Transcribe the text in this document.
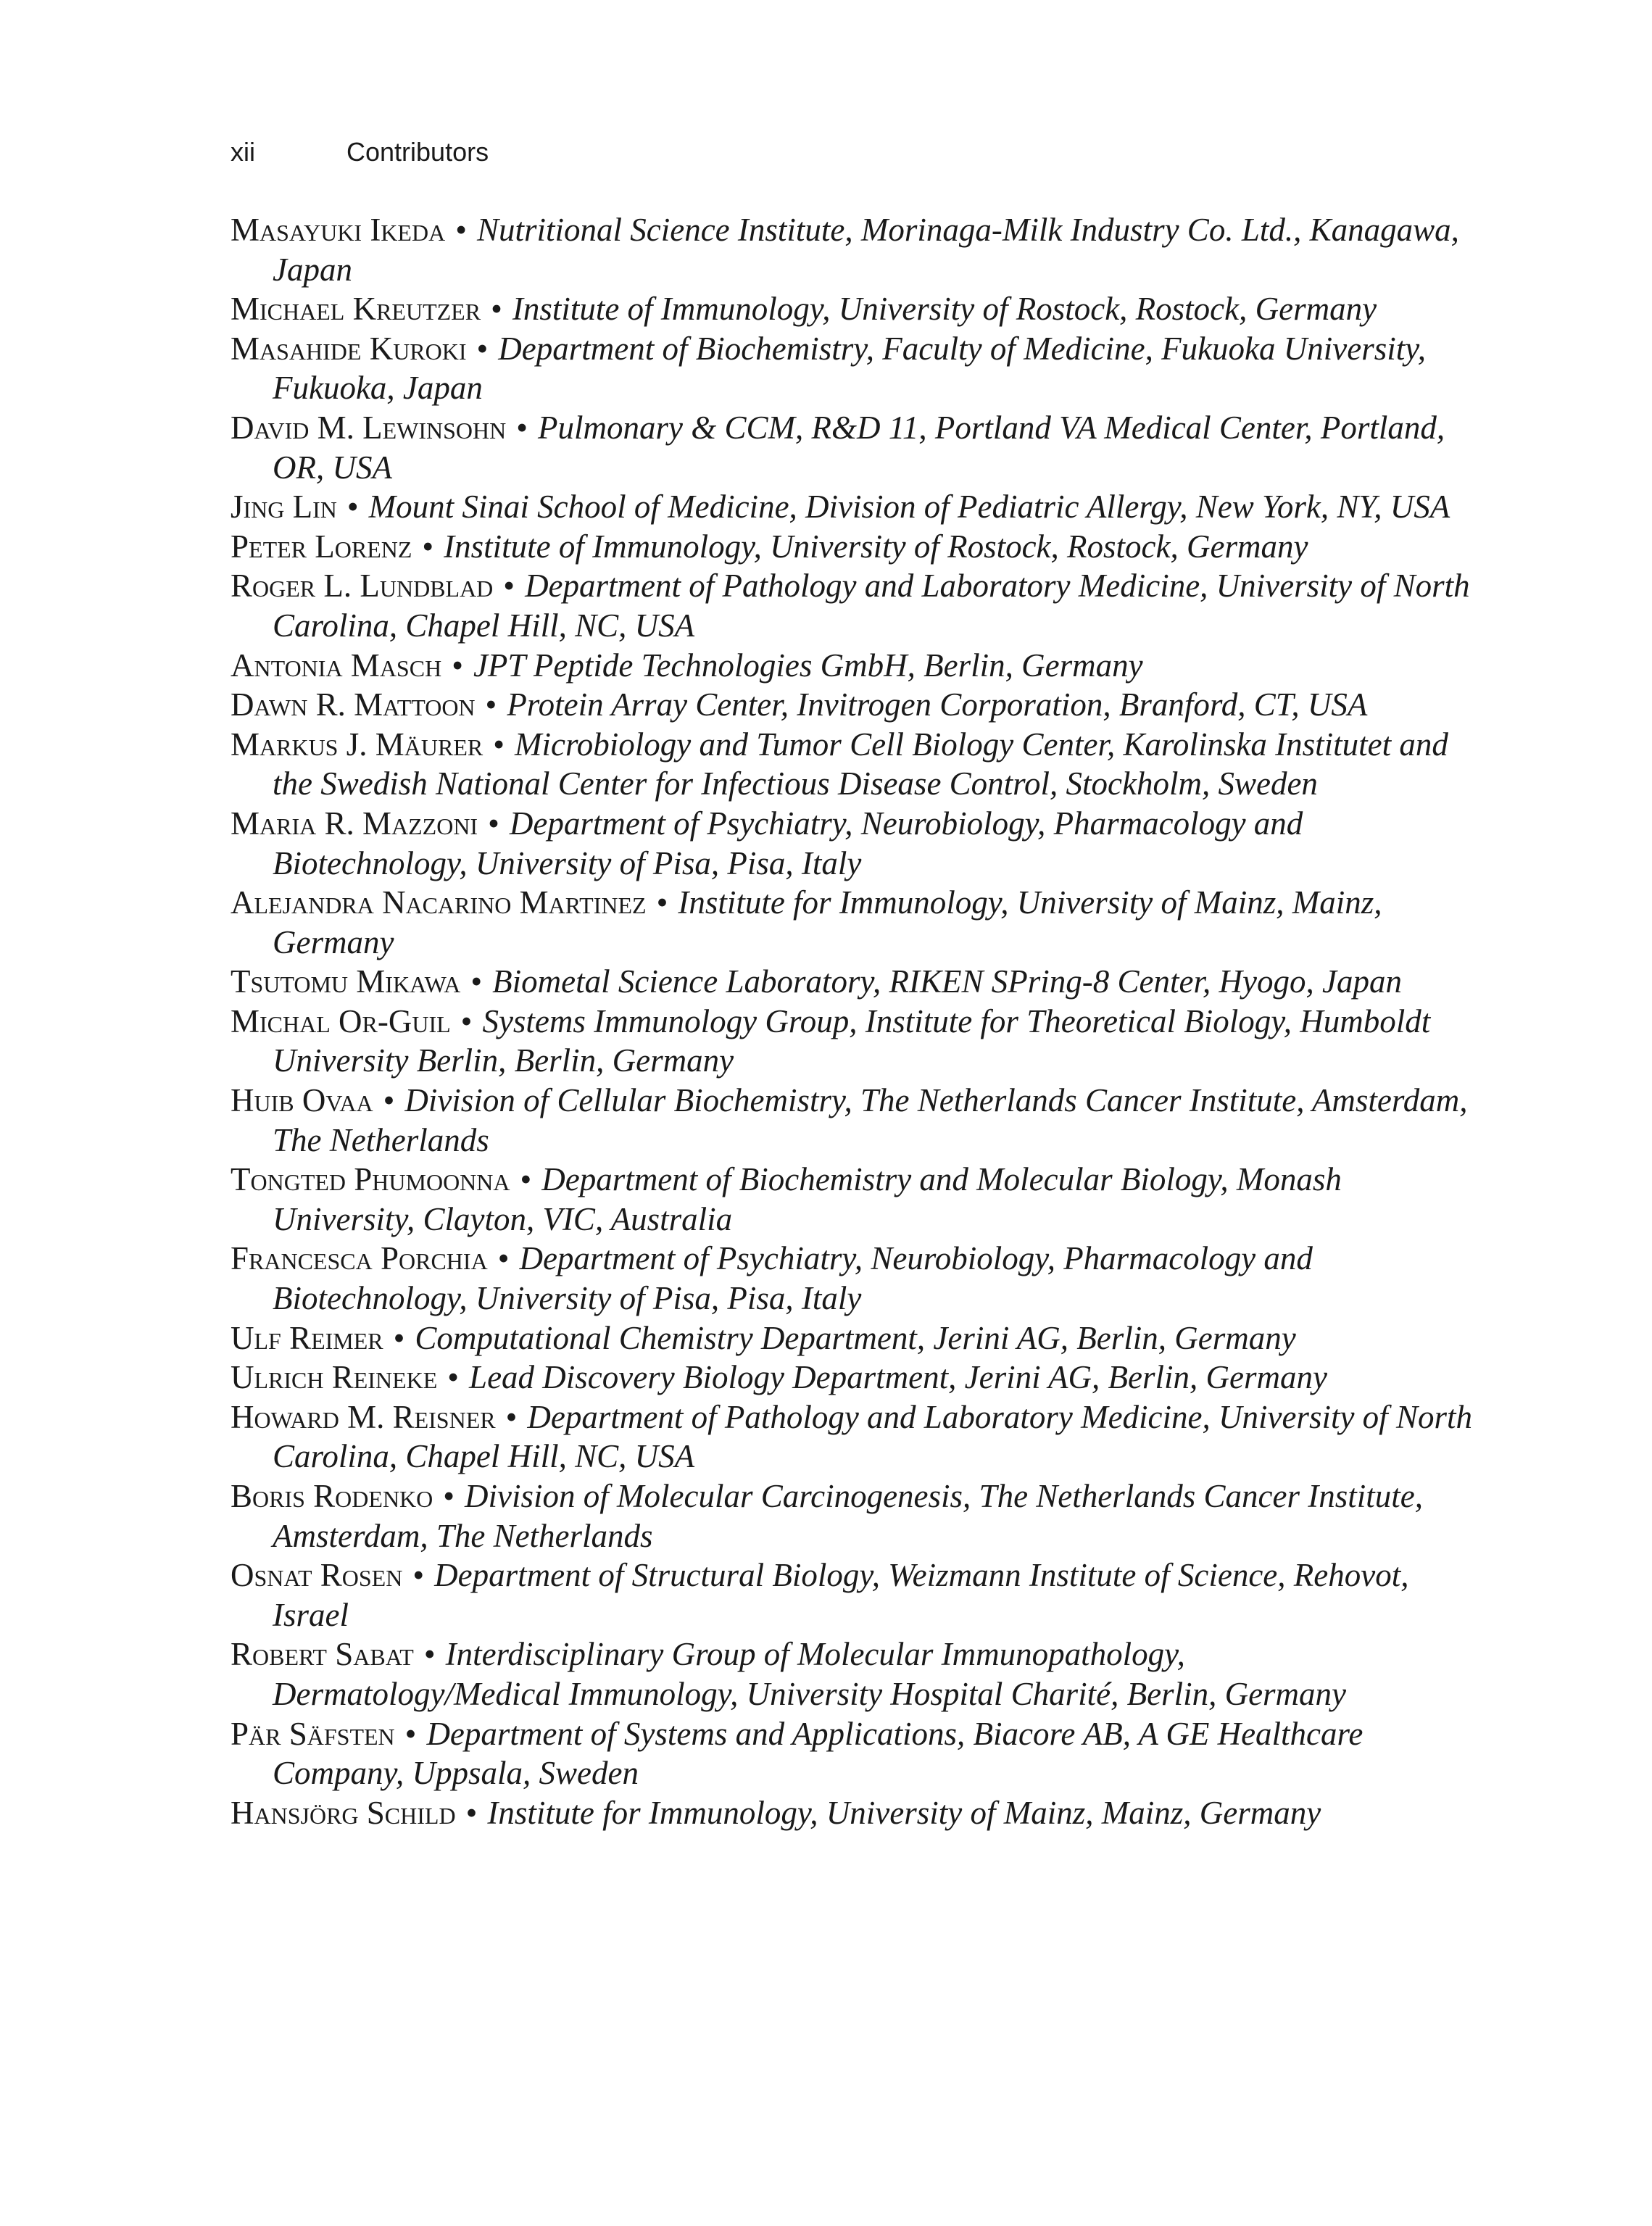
xii	Contributors
Masayuki Ikeda • Nutritional Science Institute, Morinaga-Milk Industry Co. Ltd., Kanagawa, Japan
Michael Kreutzer • Institute of Immunology, University of Rostock, Rostock, Germany
Masahide Kuroki • Department of Biochemistry, Faculty of Medicine, Fukuoka University, Fukuoka, Japan
David M. Lewinsohn • Pulmonary & CCM, R&D 11, Portland VA Medical Center, Portland, OR, USA
Jing Lin • Mount Sinai School of Medicine, Division of Pediatric Allergy, New York, NY, USA
Peter Lorenz • Institute of Immunology, University of Rostock, Rostock, Germany
Roger L. Lundblad • Department of Pathology and Laboratory Medicine, University of North Carolina, Chapel Hill, NC, USA
Antonia Masch • JPT Peptide Technologies GmbH, Berlin, Germany
Dawn R. Mattoon • Protein Array Center, Invitrogen Corporation, Branford, CT, USA
Markus J. Mäurer • Microbiology and Tumor Cell Biology Center, Karolinska Institutet and the Swedish National Center for Infectious Disease Control, Stockholm, Sweden
Maria R. Mazzoni • Department of Psychiatry, Neurobiology, Pharmacology and Biotechnology, University of Pisa, Pisa, Italy
Alejandra Nacarino Martinez • Institute for Immunology, University of Mainz, Mainz, Germany
Tsutomu Mikawa • Biometal Science Laboratory, RIKEN SPring-8 Center, Hyogo, Japan
Michal Or-Guil • Systems Immunology Group, Institute for Theoretical Biology, Humboldt University Berlin, Berlin, Germany
Huib Ovaa • Division of Cellular Biochemistry, The Netherlands Cancer Institute, Amsterdam, The Netherlands
Tongted Phumoonna • Department of Biochemistry and Molecular Biology, Monash University, Clayton, VIC, Australia
Francesca Porchia • Department of Psychiatry, Neurobiology, Pharmacology and Biotechnology, University of Pisa, Pisa, Italy
Ulf Reimer • Computational Chemistry Department, Jerini AG, Berlin, Germany
Ulrich Reineke • Lead Discovery Biology Department, Jerini AG, Berlin, Germany
Howard M. Reisner • Department of Pathology and Laboratory Medicine, University of North Carolina, Chapel Hill, NC, USA
Boris Rodenko • Division of Molecular Carcinogenesis, The Netherlands Cancer Institute, Amsterdam, The Netherlands
Osnat Rosen • Department of Structural Biology, Weizmann Institute of Science, Rehovot, Israel
Robert Sabat • Interdisciplinary Group of Molecular Immunopathology, Dermatology/Medical Immunology, University Hospital Charité, Berlin, Germany
Pär Säfsten • Department of Systems and Applications, Biacore AB, A GE Healthcare Company, Uppsala, Sweden
Hansjörg Schild • Institute for Immunology, University of Mainz, Mainz, Germany
